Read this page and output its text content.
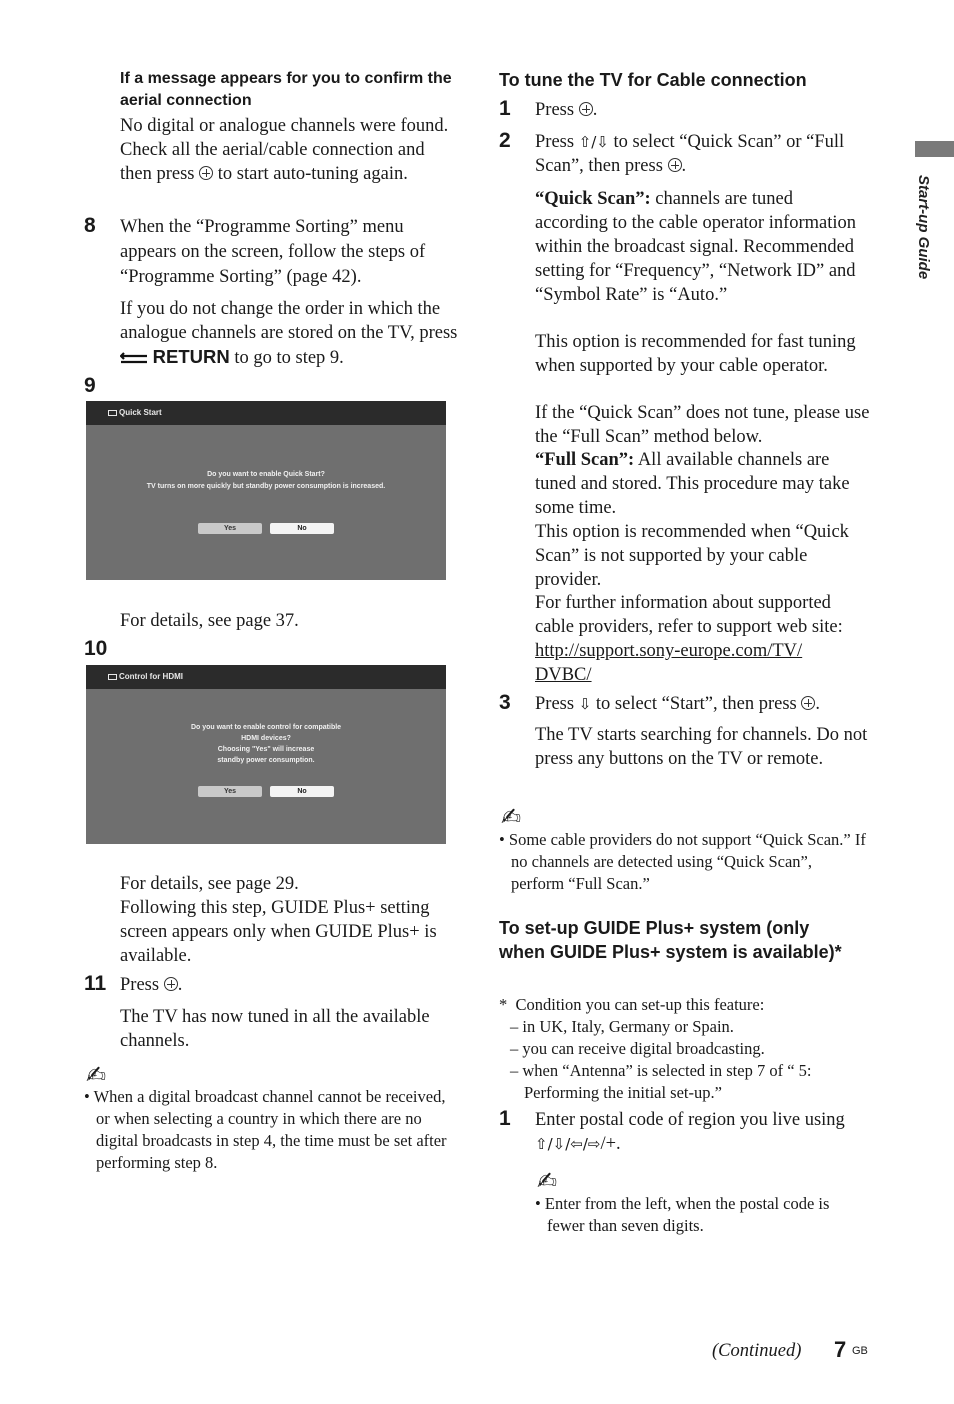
Start-up Guide
If a message appears for you to confirm the aerial connection

No digital or analogue channels were found. Check all the aerial/cable connection and then press to start auto-tuning again.

8 When the “Programme Sorting” menu appears on the screen, follow the steps of “Programme Sorting” (page 42).

If you do not change the order in which the analogue channels are stored on the TV, press  RETURN to go to step 9.

9
Quick Start
Do you want to enable Quick Start?
TV turns on more quickly but standby power consumption is increased.
Yes	No

For details, see page 37.

10
Control for HDMI
Do you want to enable control for compatible
HDMI devices?
Choosing "Yes" will increase
standby power consumption.
Yes	No

For details, see page 29.

Following this step, GUIDE Plus+ setting screen appears only when GUIDE Plus+ is available.

11 Press .

The TV has now tuned in all the available channels.

✍

• When a digital broadcast channel cannot be received, or when selecting a country in which there are no digital broadcasts in step 4, the time must be set after performing step 8.

To tune the TV for Cable connection
1 Press .

2 Press ⇧/⇩ to select “Quick Scan” or “Full Scan”, then press .

“Quick Scan”: channels are tuned according to the cable operator information within the broadcast signal. Recommended setting for “Frequency”, “Network ID” and “Symbol Rate” is “Auto.”

This option is recommended for fast tuning when supported by your cable operator.

If the “Quick Scan” does not tune, please use the “Full Scan” method below.

“Full Scan”: All available channels are tuned and stored. This procedure may take some time.

This option is recommended when “Quick Scan” is not supported by your cable provider.

For further information about supported cable providers, refer to support web site:

http://support.sony-europe.com/TV/
DVBC/
3 Press ⇩ to select “Start”, then press .

The TV starts searching for channels. Do not press any buttons on the TV or remote.

✍

• Some cable providers do not support “Quick Scan.” If no channels are detected using “Quick Scan”, perform “Full Scan.”

To set-up GUIDE Plus+ system (only when GUIDE Plus+ system is available)*

*  Condition you can set-up this feature:

– in UK, Italy, Germany or Spain.

– you can receive digital broadcasting.

– when “Antenna” is selected in step 7 of “ 5: Performing the initial set-up.”

1 Enter postal code of region you live using
⇧/⇩/⇦/⇨/+.

✍

• Enter from the left, when the postal code is fewer than seven digits.

(Continued) 7 GB
